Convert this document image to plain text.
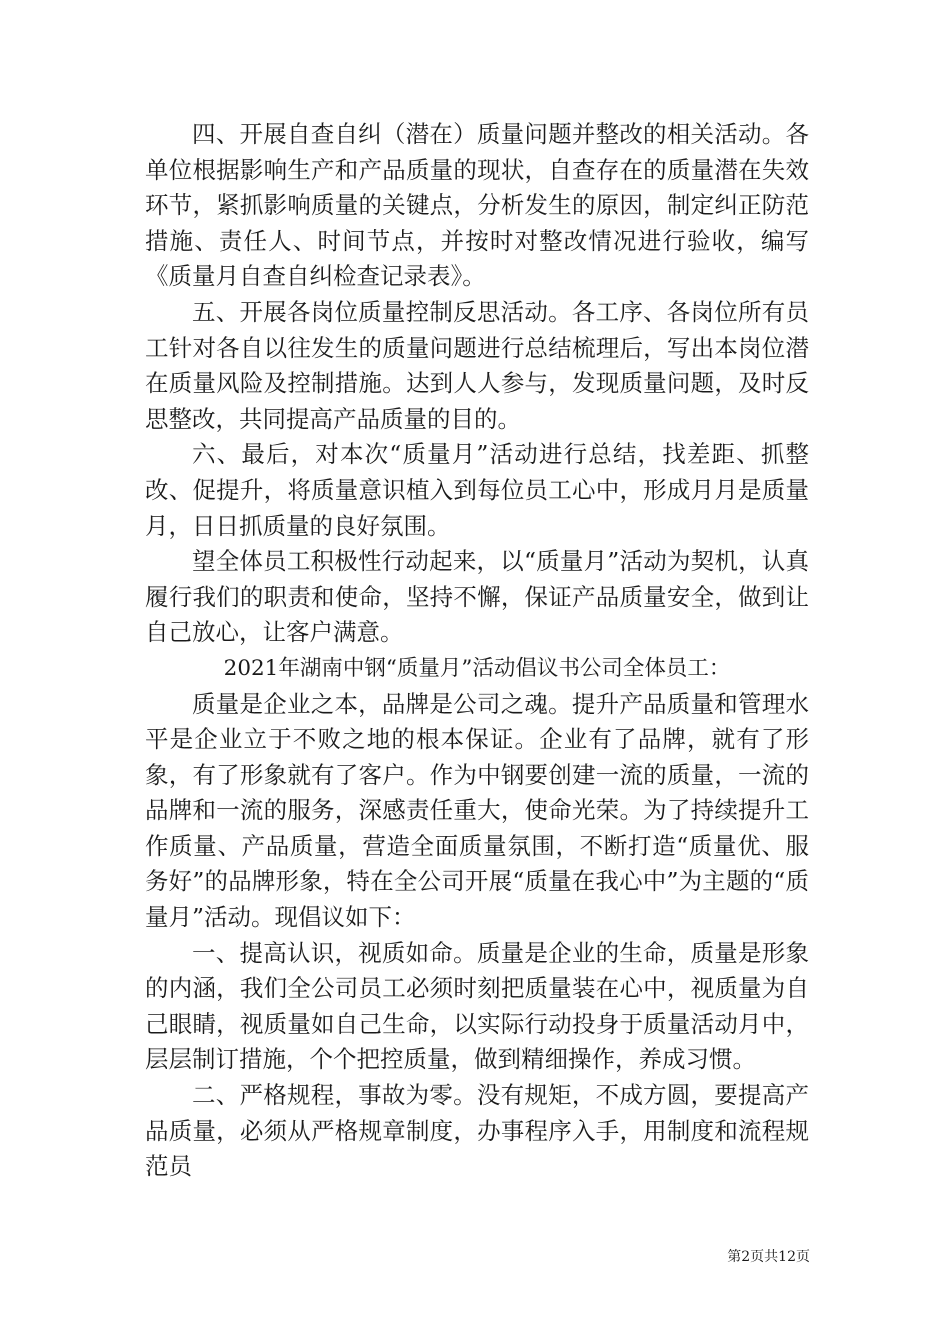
四、开展自查自纠（潜在）质量问题并整改的相关活动。各单位根据影响生产和产品质量的现状，自查存在的质量潜在失效环节，紧抓影响质量的关键点，分析发生的原因，制定纠正防范措施、责任人、时间节点，并按时对整改情况进行验收，编写《质量月自查自纠检查记录表》。

五、开展各岗位质量控制反思活动。各工序、各岗位所有员工针对各自以往发生的质量问题进行总结梳理后，写出本岗位潜在质量风险及控制措施。达到人人参与，发现质量问题，及时反思整改，共同提高产品质量的目的。

六、最后，对本次“质量月”活动进行总结，找差距、抓整改、促提升，将质量意识植入到每位员工心中，形成月月是质量月，日日抓质量的良好氛围。

望全体员工积极性行动起来，以“质量月”活动为契机，认真履行我们的职责和使命，坚持不懈，保证产品质量安全，做到让自己放心，让客户满意。

2021年湖南中钢“质量月”活动倡议书公司全体员工：

质量是企业之本，品牌是公司之魂。提升产品质量和管理水平是企业立于不败之地的根本保证。企业有了品牌，就有了形象，有了形象就有了客户。作为中钢要创建一流的质量，一流的品牌和一流的服务，深感责任重大，使命光荣。为了持续提升工作质量、产品质量，营造全面质量氛围，不断打造“质量优、服务好”的品牌形象，特在全公司开展“质量在我心中”为主题的“质量月”活动。现倡议如下：

一、提高认识，视质如命。质量是企业的生命，质量是形象的内涵，我们全公司员工必须时刻把质量装在心中，视质量为自己眼睛，视质量如自己生命，以实际行动投身于质量活动月中，层层制订措施，个个把控质量，做到精细操作，养成习惯。

二、严格规程，事故为零。没有规矩，不成方圆，要提高产品质量，必须从严格规章制度，办事程序入手，用制度和流程规范员

第2页共12页
